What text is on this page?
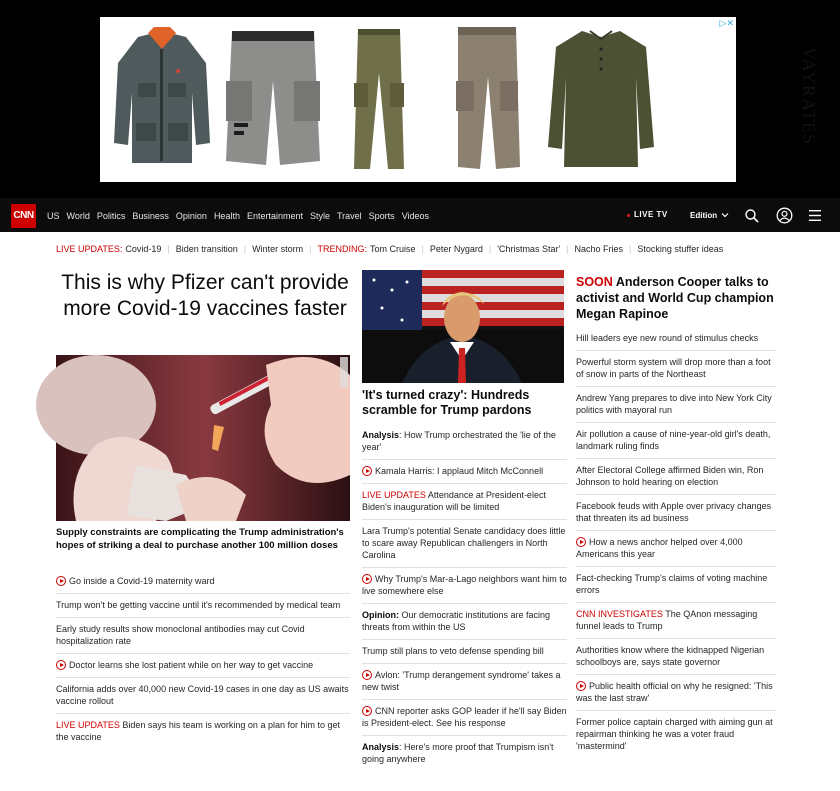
▷✕
VAYRATES
CNN US World Politics Business Opinion Health Entertainment Style Travel Sports Videos	LIVE TV	Edition
LIVE UPDATES: Covid-19 | Biden transition | Winter storm | TRENDING: Tom Cruise | Peter Nygard | 'Christmas Star' | Nacho Fries | Stocking stuffer ideas
This is why Pfizer can't provide more Covid-19 vaccines faster

Supply constraints are complicating the Trump administration's hopes of striking a deal to purchase another 100 million doses

Go inside a Covid-19 maternity ward
Trump won't be getting vaccine until it's recommended by medical team
Early study results show monoclonal antibodies may cut Covid hospitalization rate
Doctor learns she lost patient while on her way to get vaccine
California adds over 40,000 new Covid-19 cases in one day as US awaits vaccine rollout
LIVE UPDATES Biden says his team is working on a plan for him to get the vaccine
'It's turned crazy': Hundreds scramble for Trump pardons
Analysis: How Trump orchestrated the 'lie of the year'
Kamala Harris: I applaud Mitch McConnell
LIVE UPDATES Attendance at President-elect Biden's inauguration will be limited
Lara Trump's potential Senate candidacy does little to scare away Republican challengers in North Carolina
Why Trump's Mar-a-Lago neighbors want him to live somewhere else
Opinion: Our democratic institutions are facing threats from within the US
Trump still plans to veto defense spending bill
Avlon: 'Trump derangement syndrome' takes a new twist
CNN reporter asks GOP leader if he'll say Biden is President-elect. See his response
Analysis: Here's more proof that Trumpism isn't going anywhere
SOON Anderson Cooper talks to activist and World Cup champion Megan Rapinoe
Hill leaders eye new round of stimulus checks
Powerful storm system will drop more than a foot of snow in parts of the Northeast
Andrew Yang prepares to dive into New York City politics with mayoral run
Air pollution a cause of nine-year-old girl's death, landmark ruling finds
After Electoral College affirmed Biden win, Ron Johnson to hold hearing on election
Facebook feuds with Apple over privacy changes that threaten its ad business
How a news anchor helped over 4,000 Americans this year
Fact-checking Trump's claims of voting machine errors
CNN INVESTIGATES The QAnon messaging funnel leads to Trump
Authorities know where the kidnapped Nigerian schoolboys are, says state governor
Public health official on why he resigned: 'This was the last straw'
Former police captain charged with aiming gun at repairman thinking he was a voter fraud 'mastermind'
